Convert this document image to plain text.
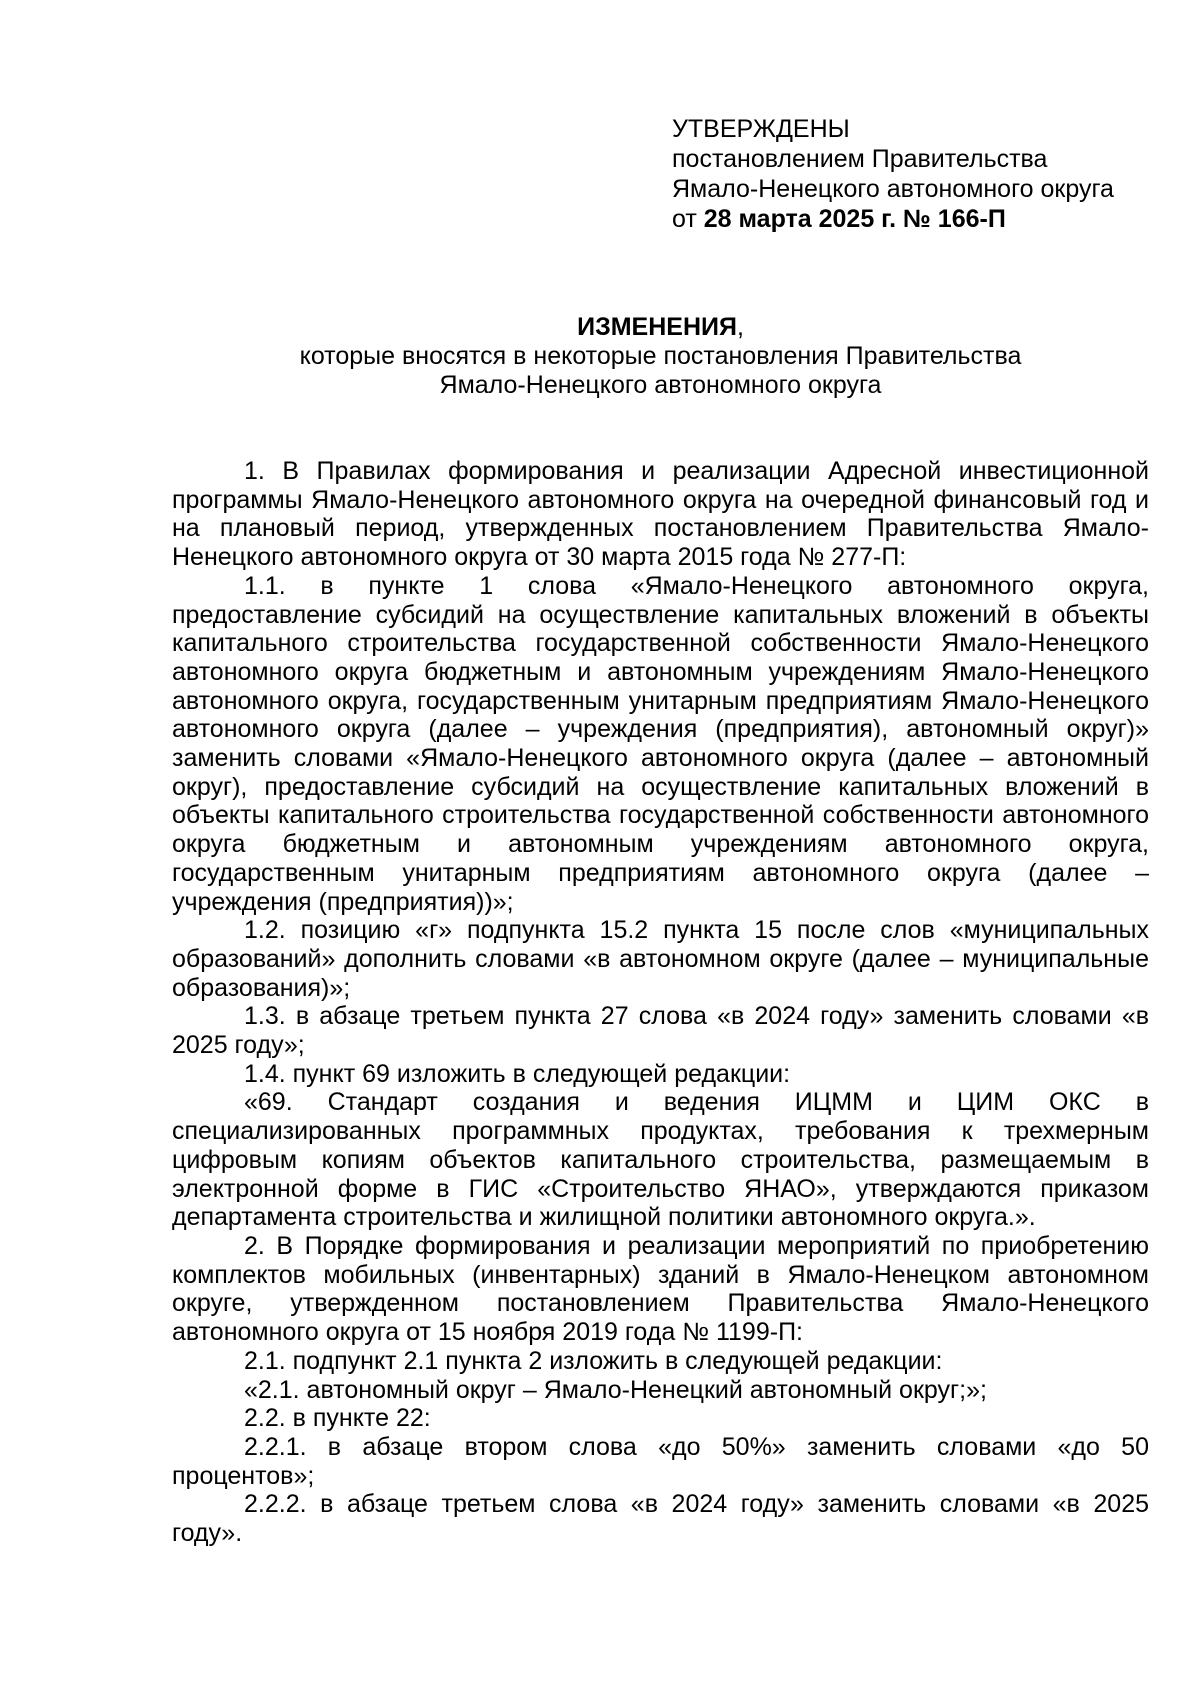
УТВЕРЖДЕНЫ

постановлением Правительства

Ямало-Ненецкого автономного округа

от 28 марта 2025 г. № 166-П

ИЗМЕНЕНИЯ,
которые вносятся в некоторые постановления Правительства
Ямало-Ненецкого автономного округа

1. В Правилах формирования и реализации Адресной инвестиционной программы Ямало-Ненецкого автономного округа на очередной финансовый год и на плановый период, утвержденных постановлением Правительства Ямало-Ненецкого автономного округа от 30 марта 2015 года № 277-П:

1.1. в пункте 1 слова «Ямало-Ненецкого автономного округа, предоставление субсидий на осуществление капитальных вложений в объекты капитального строительства государственной собственности Ямало-Ненецкого автономного округа бюджетным и автономным учреждениям Ямало-Ненецкого автономного округа, государственным унитарным предприятиям Ямало-Ненецкого автономного округа (далее – учреждения (предприятия), автономный округ)» заменить словами «Ямало-Ненецкого автономного округа (далее – автономный округ), предоставление субсидий на осуществление капитальных вложений в объекты капитального строительства государственной собственности автономного округа бюджетным и автономным учреждениям автономного округа, государственным унитарным предприятиям автономного округа (далее – учреждения (предприятия))»;

1.2. позицию «г» подпункта 15.2 пункта 15 после слов «муниципальных образований» дополнить словами «в автономном округе (далее – муниципальные образования)»;

1.3. в абзаце третьем пункта 27 слова «в 2024 году» заменить словами «в 2025 году»;

1.4. пункт 69 изложить в следующей редакции:

«69. Стандарт создания и ведения ИЦММ и ЦИМ ОКС в специализированных программных продуктах, требования к трехмерным цифровым копиям объектов капитального строительства, размещаемым в электронной форме в ГИС «Строительство ЯНАО», утверждаются приказом департамента строительства и жилищной политики автономного округа.».

2. В Порядке формирования и реализации мероприятий по приобретению комплектов мобильных (инвентарных) зданий в Ямало-Ненецком автономном округе, утвержденном постановлением Правительства Ямало-Ненецкого автономного округа от 15 ноября 2019 года № 1199-П:

2.1. подпункт 2.1 пункта 2 изложить в следующей редакции:

«2.1. автономный округ – Ямало-Ненецкий автономный округ;»;

2.2. в пункте 22:

2.2.1. в абзаце втором слова «до 50%» заменить словами «до 50 процентов»;

2.2.2. в абзаце третьем слова «в 2024 году» заменить словами «в 2025 году».
